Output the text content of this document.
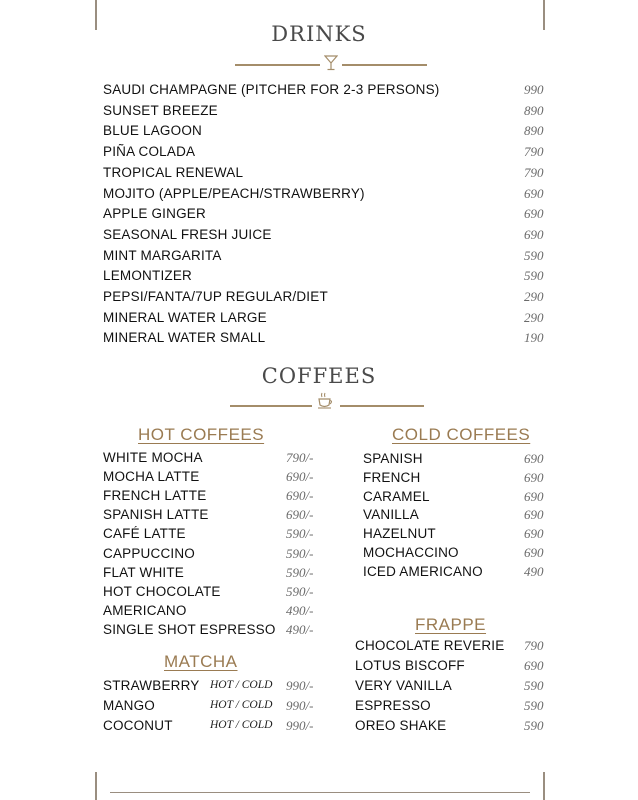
DRINKS
SAUDI CHAMPAGNE (PITCHER FOR 2-3 PERSONS)	990
SUNSET BREEZE	890
BLUE LAGOON	890
PIÑA COLADA	790
TROPICAL RENEWAL	790
MOJITO (APPLE/PEACH/STRAWBERRY)	690
APPLE GINGER	690
SEASONAL FRESH JUICE	690
MINT MARGARITA	590
LEMONTIZER	590
PEPSI/FANTA/7UP REGULAR/DIET	290
MINERAL WATER LARGE	290
MINERAL WATER SMALL	190
COFFEES
HOT COFFEES	COLD COFFEES
WHITE MOCHA	790/-
MOCHA LATTE	690/-
FRENCH LATTE	690/-
SPANISH LATTE	690/-
CAFÉ LATTE	590/-
CAPPUCCINO	590/-
FLAT WHITE	590/-
HOT CHOCOLATE	590/-
AMERICANO	490/-
SINGLE SHOT ESPRESSO 490/-
SPANISH	690
FRENCH	690
CARAMEL	690
VANILLA	690
HAZELNUT	690
MOCHACCINO	690
ICED AMERICANO	490
MATCHA
STRAWBERRY HOT / COLD 990/-
MANGO	HOT / COLD 990/-
COCONUT	HOT / COLD 990/-
FRAPPE
CHOCOLATE REVERIE 790
LOTUS BISCOFF	690
VERY VANILLA	590
ESPRESSO	590
OREO SHAKE	590
